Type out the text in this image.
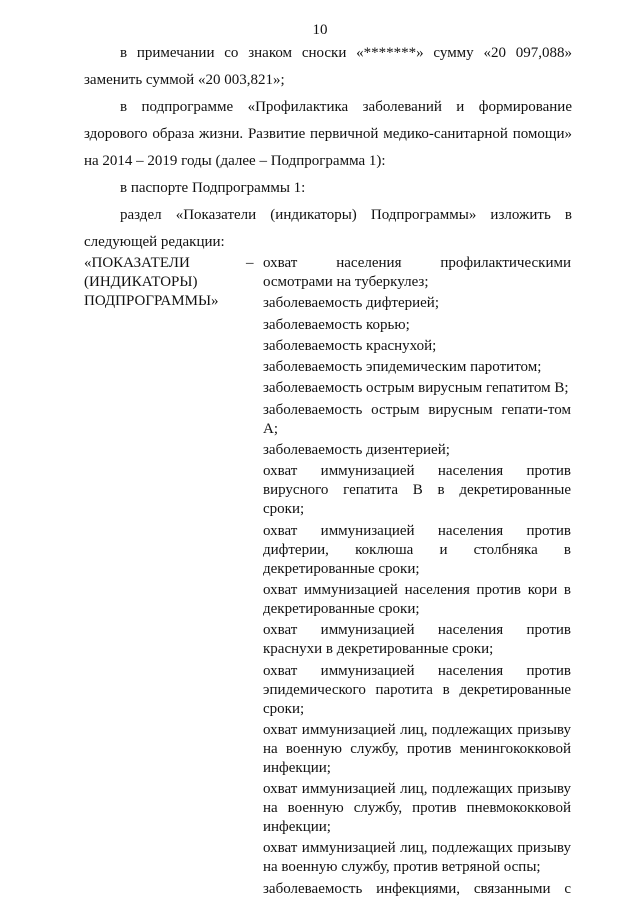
10
в примечании со знаком сноски «*******» сумму «20 097,088»
заменить суммой «20 003,821»;
в подпрограмме «Профилактика заболеваний и формирование
здорового образа жизни. Развитие первичной медико-санитарной помощи»
на 2014 – 2019 годы (далее – Подпрограмма 1):
в паспорте Подпрограммы 1:
раздел «Показатели (индикаторы) Подпрограммы» изложить в
следующей редакции:
«ПОКАЗАТЕЛИ
(ИНДИКАТОРЫ)
ПОДПРОГРАММЫ»
– охват населения профилактическими осмотрами на туберкулез;
заболеваемость дифтерией;
заболеваемость корью;
заболеваемость краснухой;
заболеваемость эпидемическим паротитом;
заболеваемость острым вирусным гепатитом В;
заболеваемость острым вирусным гепати-том А;
заболеваемость дизентерией;
охват иммунизацией населения против вирусного гепатита В в декретированные сроки;
охват иммунизацией населения против дифтерии, коклюша и столбняка в декретированные сроки;
охват иммунизацией населения против кори в декретированные сроки;
охват иммунизацией населения против краснухи в декретированные сроки;
охват иммунизацией населения против эпидемического паротита в декретированные сроки;
охват иммунизацией лиц, подлежащих призыву на военную службу, против менингококковой инфекции;
охват иммунизацией лиц, подлежащих призыву на военную службу, против пневмококковой инфекции;
охват иммунизацией лиц, подлежащих призыву на военную службу, против ветряной оспы;
заболеваемость инфекциями, связанными с
